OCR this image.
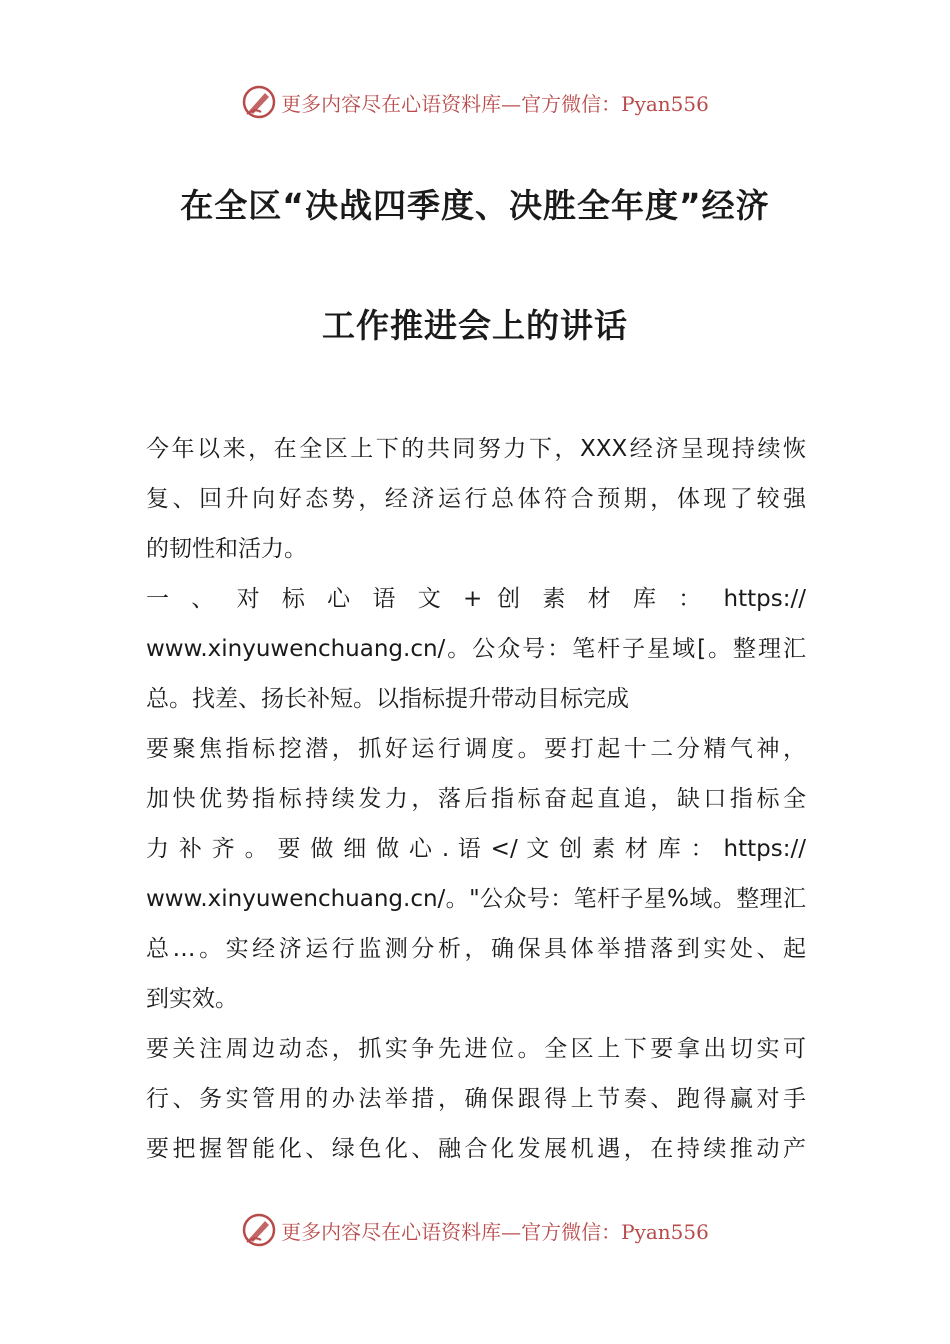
更多内容尽在心语资料库—官方微信：Pyan556
在全区“决战四季度、决胜全年度”经济
工作推进会上的讲话
今年以来，在全区上下的共同努力下，XXX经济呈现持续恢
复、回升向好态势，经济运行总体符合预期，体现了较强
的韧性和活力。
一 、 对 标 心 语 文 + 创 素 材 库 ： https://
www.xinyuwenchuang.cn/。公众号：笔杆子星域[。整理汇
总。找差、扬长补短。以指标提升带动目标完成
要聚焦指标挖潜，抓好运行调度。要打起十二分精气神，
加快优势指标持续发力，落后指标奋起直追，缺口指标全
力 补 齐 。 要 做 细 做 心 . 语 </ 文 创 素 材 库 ： https://
www.xinyuwenchuang.cn/。"公众号：笔杆子星%域。整理汇
总…。实经济运行监测分析，确保具体举措落到实处、起
到实效。
要关注周边动态，抓实争先进位。全区上下要拿出切实可
行、务实管用的办法举措，确保跟得上节奏、跑得赢对手
要把握智能化、绿色化、融合化发展机遇，在持续推动产
更多内容尽在心语资料库—官方微信：Pyan556
